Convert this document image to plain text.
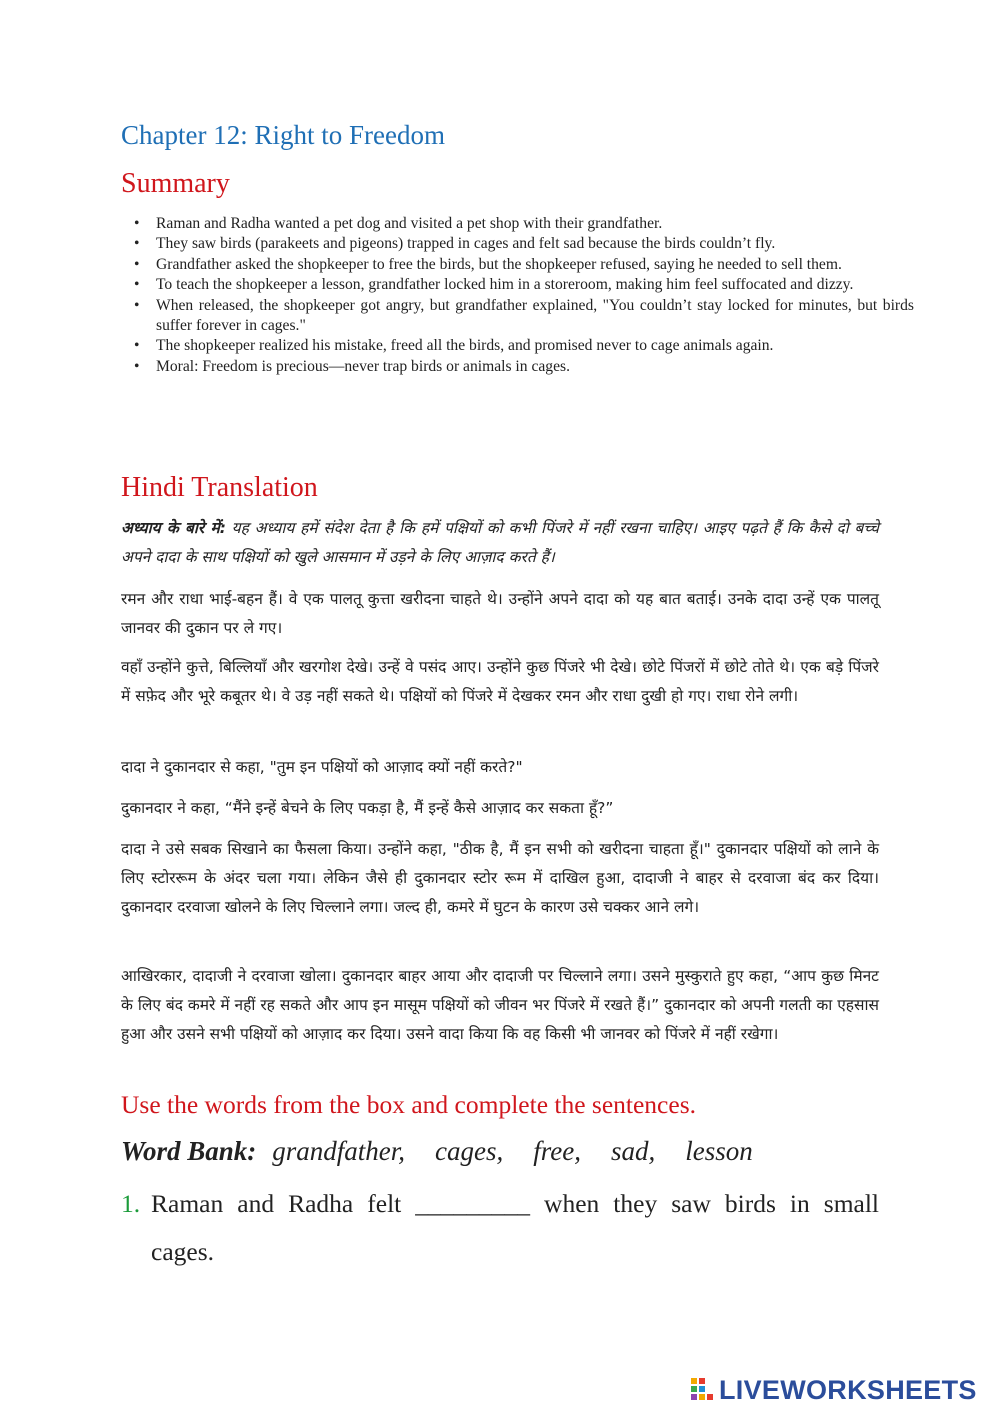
Chapter 12: Right to Freedom
Summary
• Raman and Radha wanted a pet dog and visited a pet shop with their grandfather.
• They saw birds (parakeets and pigeons) trapped in cages and felt sad because the birds couldn’t fly.
• Grandfather asked the shopkeeper to free the birds, but the shopkeeper refused, saying he needed to sell them.
• To teach the shopkeeper a lesson, grandfather locked him in a storeroom, making him feel suffocated and dizzy.
• When released, the shopkeeper got angry, but grandfather explained, "You couldn’t stay locked for minutes, but birds suffer forever in cages."
• The shopkeeper realized his mistake, freed all the birds, and promised never to cage animals again.
• Moral: Freedom is precious—never trap birds or animals in cages.
Hindi Translation

अध्याय के बारे में: यह अध्याय हमें संदेश देता है कि हमें पक्षियों को कभी पिंजरे में नहीं रखना चाहिए। आइए पढ़ते हैं कि कैसे दो बच्चे अपने दादा के साथ पक्षियों को खुले आसमान में उड़ने के लिए आज़ाद करते हैं।

रमन और राधा भाई-बहन हैं। वे एक पालतू कुत्ता खरीदना चाहते थे। उन्होंने अपने दादा को यह बात बताई। उनके दादा उन्हें एक पालतू जानवर की दुकान पर ले गए।

वहाँ उन्होंने कुत्ते, बिल्लियाँ और खरगोश देखे। उन्हें वे पसंद आए। उन्होंने कुछ पिंजरे भी देखे। छोटे पिंजरों में छोटे तोते थे। एक बड़े पिंजरे में सफ़ेद और भूरे कबूतर थे। वे उड़ नहीं सकते थे। पक्षियों को पिंजरे में देखकर रमन और राधा दुखी हो गए। राधा रोने लगी।

दादा ने दुकानदार से कहा, "तुम इन पक्षियों को आज़ाद क्यों नहीं करते?"

दुकानदार ने कहा, “मैंने इन्हें बेचने के लिए पकड़ा है, मैं इन्हें कैसे आज़ाद कर सकता हूँ?”

दादा ने उसे सबक सिखाने का फैसला किया। उन्होंने कहा, "ठीक है, मैं इन सभी को खरीदना चाहता हूँ।" दुकानदार पक्षियों को लाने के लिए स्टोररूम के अंदर चला गया। लेकिन जैसे ही दुकानदार स्टोर रूम में दाखिल हुआ, दादाजी ने बाहर से दरवाजा बंद कर दिया। दुकानदार दरवाजा खोलने के लिए चिल्लाने लगा। जल्द ही, कमरे में घुटन के कारण उसे चक्कर आने लगे।

आखिरकार, दादाजी ने दरवाजा खोला। दुकानदार बाहर आया और दादाजी पर चिल्लाने लगा। उसने मुस्कुराते हुए कहा, “आप कुछ मिनट के लिए बंद कमरे में नहीं रह सकते और आप इन मासूम पक्षियों को जीवन भर पिंजरे में रखते हैं।” दुकानदार को अपनी गलती का एहसास हुआ और उसने सभी पक्षियों को आज़ाद कर दिया। उसने वादा किया कि वह किसी भी जानवर को पिंजरे में नहीं रखेगा।

Use the words from the box and complete the sentences.

Word Bank: grandfather, cages, free, sad, lesson
1. Raman and Radha felt _________ when they saw birds in small cages.
LIVEWORKSHEETS
